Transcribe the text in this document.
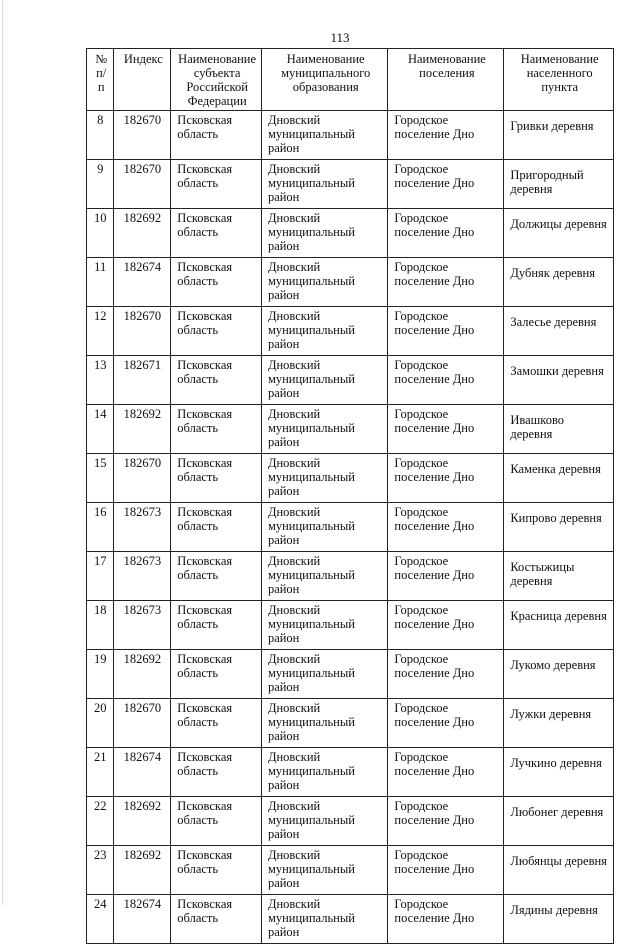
113
№ п/п	Индекс	Наименование субъекта Российской Федерации	Наименование муниципального образования	Наименование поселения	Наименование населенного пункта
8	182670	Псковская область	Дновский муниципальный район	Городское поселение Дно	Гривки деревня
9	182670	Псковская область	Дновский муниципальный район	Городское поселение Дно	Пригородный деревня
10	182692	Псковская область	Дновский муниципальный район	Городское поселение Дно	Должицы деревня
11	182674	Псковская область	Дновский муниципальный район	Городское поселение Дно	Дубняк деревня
12	182670	Псковская область	Дновский муниципальный район	Городское поселение Дно	Залесье деревня
13	182671	Псковская область	Дновский муниципальный район	Городское поселение Дно	Замошки деревня
14	182692	Псковская область	Дновский муниципальный район	Городское поселение Дно	Ивашково деревня
15	182670	Псковская область	Дновский муниципальный район	Городское поселение Дно	Каменка деревня
16	182673	Псковская область	Дновский муниципальный район	Городское поселение Дно	Кипрово деревня
17	182673	Псковская область	Дновский муниципальный район	Городское поселение Дно	Костыжицы деревня
18	182673	Псковская область	Дновский муниципальный район	Городское поселение Дно	Красница деревня
19	182692	Псковская область	Дновский муниципальный район	Городское поселение Дно	Лукомо деревня
20	182670	Псковская область	Дновский муниципальный район	Городское поселение Дно	Лужки деревня
21	182674	Псковская область	Дновский муниципальный район	Городское поселение Дно	Лучкино деревня
22	182692	Псковская область	Дновский муниципальный район	Городское поселение Дно	Любонег деревня
23	182692	Псковская область	Дновский муниципальный район	Городское поселение Дно	Любянцы деревня
24	182674	Псковская область	Дновский муниципальный район	Городское поселение Дно	Лядины деревня
